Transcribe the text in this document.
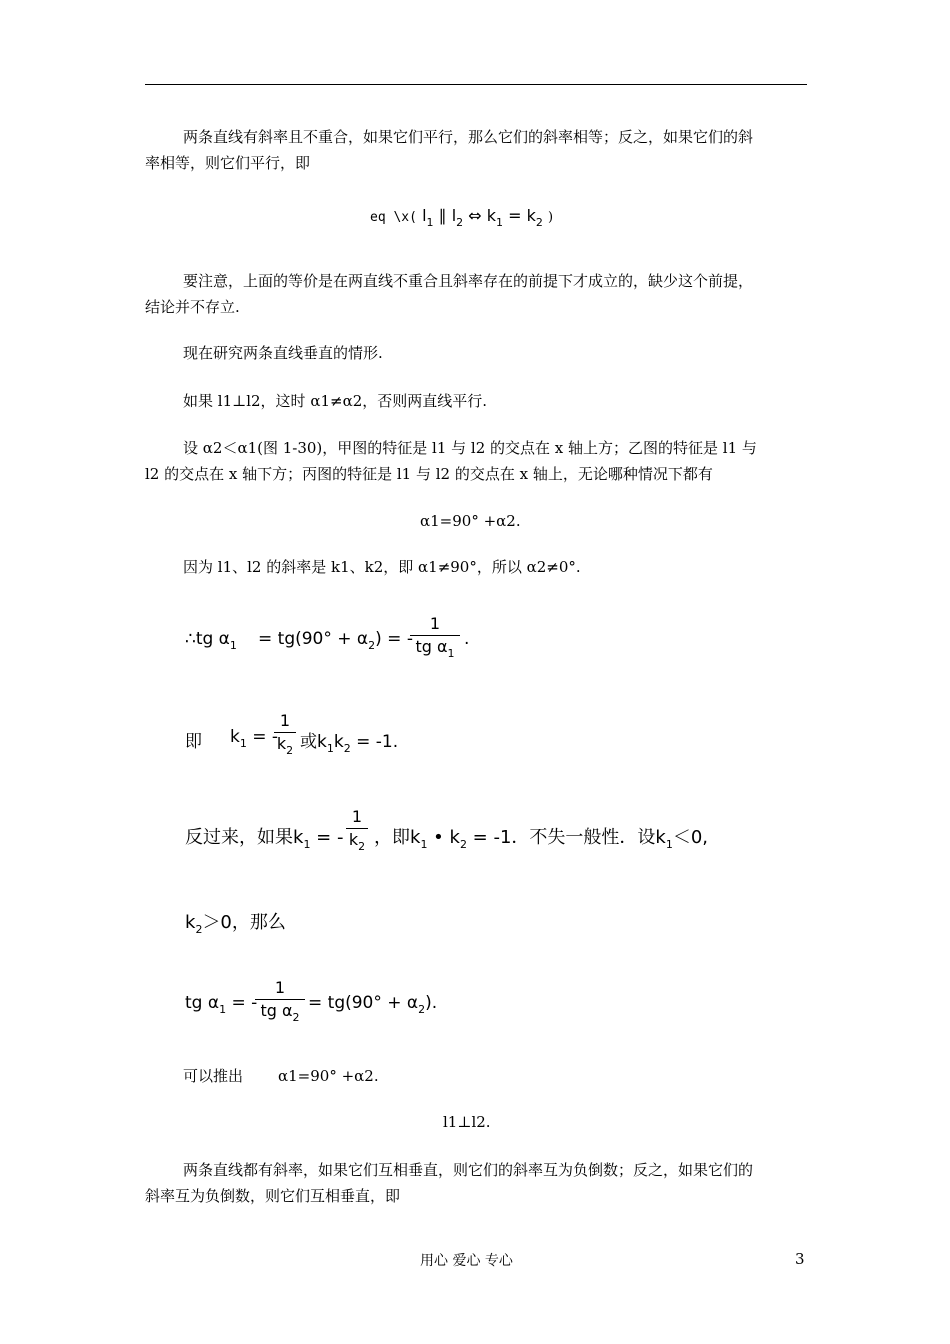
两条直线有斜率且不重合，如果它们平行，那么它们的斜率相等；反之，如果它们的斜
率相等，则它们平行，即
eq \x( $l_1$ ∥ $l_2$ ⇔ $k_1 = k_2$ )
要注意，上面的等价是在两直线不重合且斜率存在的前提下才成立的，缺少这个前提，
结论并不存立.
现在研究两条直线垂直的情形.
如果 l1⊥l2，这时 α1≠α2，否则两直线平行.
设 α2＜α1(图 1-30)，甲图的特征是 l1 与 l2 的交点在 x 轴上方；乙图的特征是 l1 与
l2 的交点在 x 轴下方；丙图的特征是 l1 与 l2 的交点在 x 轴上，无论哪种情况下都有
α1=90° +α2.
因为 l1、l2 的斜率是 k1、k2，即 α1≠90°，所以 α2≠0°.
∴tg $\alpha_1 = tg(90^\circ + \alpha_2)$ = -
1
tg $\alpha_1$
.
即 $k_1$ = -
1
$k_2$ 或$k_1k_2 = -1$.
反过来，如果$k_1$ = -
1
$k_2$ ，即$k_1$ • $k_2 = -1$．不失一般性．设$k_1<0$,
$k_2>0$，那么
tg $\alpha_1$ = -
1
tg $\alpha_2$
= $tg(90^\circ + \alpha_2)$.
可以推出 α1=90° +α2.
l1⊥l2.
两条直线都有斜率，如果它们互相垂直，则它们的斜率互为负倒数；反之，如果它们的
斜率互为负倒数，则它们互相垂直，即
用心 爱心 专心	3
